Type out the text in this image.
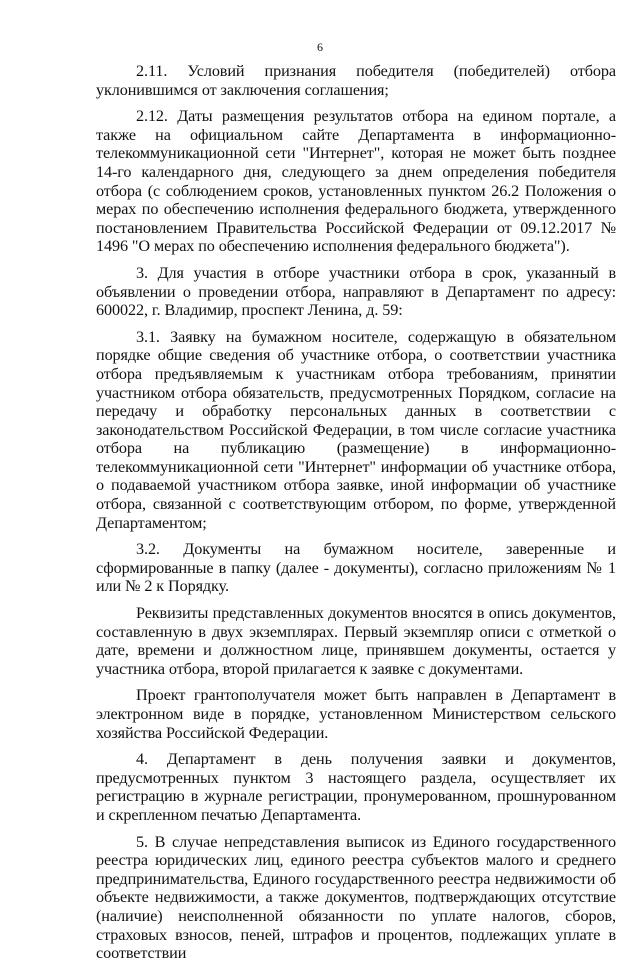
6

2.11. Условий признания победителя (победителей) отбора уклонившимся от заключения соглашения;

2.12. Даты размещения результатов отбора на едином портале, а также на официальном сайте Департамента в информационно-телекоммуникационной сети "Интернет", которая не может быть позднее 14-го календарного дня, следующего за днем определения победителя отбора (с соблюдением сроков, установленных пунктом 26.2 Положения о мерах по обеспечению исполнения федерального бюджета, утвержденного постановлением Правительства Российской Федерации от 09.12.2017 № 1496 "О мерах по обеспечению исполнения федерального бюджета").

3. Для участия в отборе участники отбора в срок, указанный в объявлении о проведении отбора, направляют в Департамент по адресу: 600022, г. Владимир, проспект Ленина, д. 59:

3.1. Заявку на бумажном носителе, содержащую в обязательном порядке общие сведения об участнике отбора, о соответствии участника отбора предъявляемым к участникам отбора требованиям, принятии участником отбора обязательств, предусмотренных Порядком, согласие на передачу и обработку персональных данных в соответствии с законодательством Российской Федерации, в том числе согласие участника отбора на публикацию (размещение) в информационно-телекоммуникационной сети "Интернет" информации об участнике отбора, о подаваемой участником отбора заявке, иной информации об участнике отбора, связанной с соответствующим отбором, по форме, утвержденной Департаментом;

3.2. Документы на бумажном носителе, заверенные и сформированные в папку (далее - документы), согласно приложениям № 1 или № 2 к Порядку.

Реквизиты представленных документов вносятся в опись документов, составленную в двух экземплярах. Первый экземпляр описи с отметкой о дате, времени и должностном лице, принявшем документы, остается у участника отбора, второй прилагается к заявке с документами.

Проект грантополучателя может быть направлен в Департамент в электронном виде в порядке, установленном Министерством сельского хозяйства Российской Федерации.

4. Департамент в день получения заявки и документов, предусмотренных пунктом 3 настоящего раздела, осуществляет их регистрацию в журнале регистрации, пронумерованном, прошнурованном и скрепленном печатью Департамента.

5. В случае непредставления выписок из Единого государственного реестра юридических лиц, единого реестра субъектов малого и среднего предпринимательства, Единого государственного реестра недвижимости об объекте недвижимости, а также документов, подтверждающих отсутствие (наличие) неисполненной обязанности по уплате налогов, сборов, страховых взносов, пеней, штрафов и процентов, подлежащих уплате в соответствии
